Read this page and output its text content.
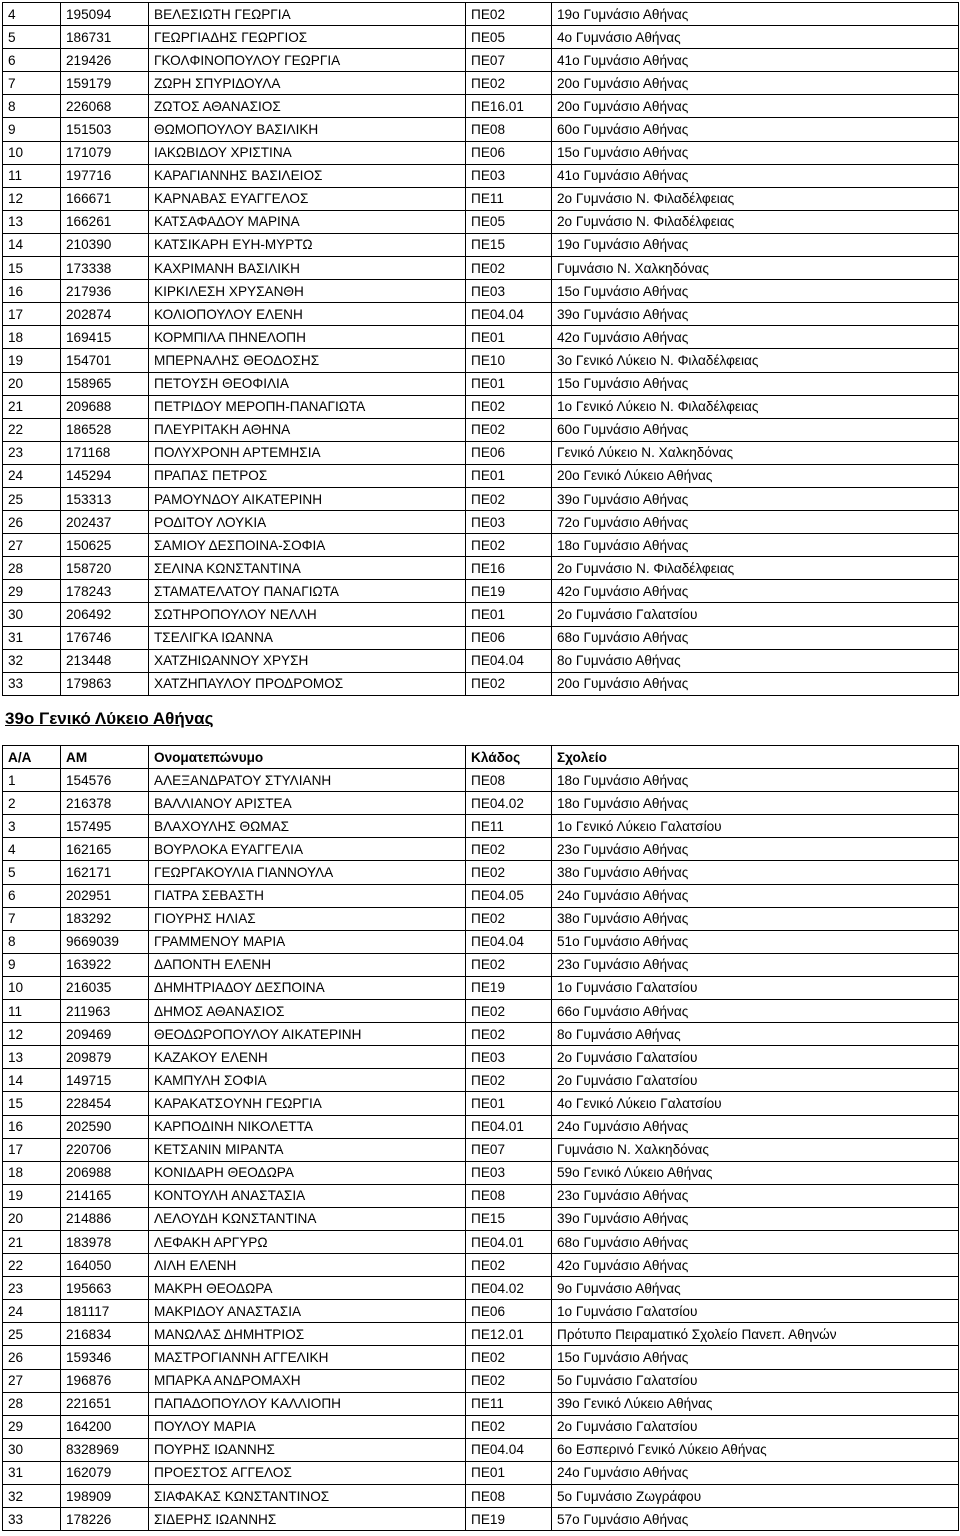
4	195094	ΒΕΛΕΣΙΩΤΗ ΓΕΩΡΓΙΑ	ΠΕ02	19ο Γυμνάσιο Αθήνας
5	186731	ΓΕΩΡΓΙΑΔΗΣ ΓΕΩΡΓΙΟΣ	ΠΕ05	4ο Γυμνάσιο Αθήνας
6	219426	ΓΚΟΛΦΙΝΟΠΟΥΛΟΥ ΓΕΩΡΓΙΑ	ΠΕ07	41ο Γυμνάσιο Αθήνας
7	159179	ΖΩΡΗ ΣΠΥΡΙΔΟΥΛΑ	ΠΕ02	20ο Γυμνάσιο Αθήνας
8	226068	ΖΩΤΟΣ ΑΘΑΝΑΣΙΟΣ	ΠΕ16.01	20ο Γυμνάσιο Αθήνας
9	151503	ΘΩΜΟΠΟΥΛΟΥ ΒΑΣΙΛΙΚΗ	ΠΕ08	60ο Γυμνάσιο Αθήνας
10	171079	ΙΑΚΩΒΙΔΟΥ ΧΡΙΣΤΙΝΑ	ΠΕ06	15ο Γυμνάσιο Αθήνας
11	197716	ΚΑΡΑΓΙΑΝΝΗΣ ΒΑΣΙΛΕΙΟΣ	ΠΕ03	41ο Γυμνάσιο Αθήνας
12	166671	ΚΑΡΝΑΒΑΣ ΕΥΑΓΓΕΛΟΣ	ΠΕ11	2ο Γυμνάσιο Ν. Φιλαδέλφειας
13	166261	ΚΑΤΣΑΦΑΔΟΥ ΜΑΡΙΝΑ	ΠΕ05	2ο Γυμνάσιο Ν. Φιλαδέλφειας
14	210390	ΚΑΤΣΙΚΑΡΗ ΕΥΗ-ΜΥΡΤΩ	ΠΕ15	19ο Γυμνάσιο Αθήνας
15	173338	ΚΑΧΡΙΜΑΝΗ ΒΑΣΙΛΙΚΗ	ΠΕ02	Γυμνάσιο Ν. Χαλκηδόνας
16	217936	ΚΙΡΚΙΛΕΣΗ ΧΡΥΣΑΝΘΗ	ΠΕ03	15ο Γυμνάσιο Αθήνας
17	202874	ΚΟΛΙΟΠΟΥΛΟΥ ΕΛΕΝΗ	ΠΕ04.04	39ο Γυμνάσιο Αθήνας
18	169415	ΚΟΡΜΠΙΛΑ ΠΗΝΕΛΟΠΗ	ΠΕ01	42ο Γυμνάσιο Αθήνας
19	154701	ΜΠΕΡΝΑΛΗΣ ΘΕΟΔΟΣΗΣ	ΠΕ10	3ο Γενικό Λύκειο Ν. Φιλαδέλφειας
20	158965	ΠΕΤΟΥΣΗ ΘΕΟΦΙΛΙΑ	ΠΕ01	15ο Γυμνάσιο Αθήνας
21	209688	ΠΕΤΡΙΔΟΥ ΜΕΡΟΠΗ-ΠΑΝΑΓΙΩΤΑ	ΠΕ02	1ο Γενικό Λύκειο Ν. Φιλαδέλφειας
22	186528	ΠΛΕΥΡΙΤΑΚΗ ΑΘΗΝΑ	ΠΕ02	60ο Γυμνάσιο Αθήνας
23	171168	ΠΟΛΥΧΡΟΝΗ ΑΡΤΕΜΗΣΙΑ	ΠΕ06	Γενικό Λύκειο Ν. Χαλκηδόνας
24	145294	ΠΡΑΠΑΣ ΠΕΤΡΟΣ	ΠΕ01	20ο Γενικό Λύκειο Αθήνας
25	153313	ΡΑΜΟΥΝΔΟΥ ΑΙΚΑΤΕΡΙΝΗ	ΠΕ02	39ο Γυμνάσιο Αθήνας
26	202437	ΡΟΔΙΤΟΥ ΛΟΥΚΙΑ	ΠΕ03	72ο Γυμνάσιο Αθήνας
27	150625	ΣΑΜΙΟΥ ΔΕΣΠΟΙΝΑ-ΣΟΦΙΑ	ΠΕ02	18ο Γυμνάσιο Αθήνας
28	158720	ΣΕΛΙΝΑ ΚΩΝΣΤΑΝΤΙΝΑ	ΠΕ16	2ο Γυμνάσιο Ν. Φιλαδέλφειας
29	178243	ΣΤΑΜΑΤΕΛΑΤΟΥ ΠΑΝΑΓΙΩΤΑ	ΠΕ19	42ο Γυμνάσιο Αθήνας
30	206492	ΣΩΤΗΡΟΠΟΥΛΟΥ ΝΕΛΛΗ	ΠΕ01	2ο Γυμνάσιο Γαλατσίου
31	176746	ΤΣΕΛΙΓΚΑ ΙΩΑΝΝΑ	ΠΕ06	68ο Γυμνάσιο Αθήνας
32	213448	ΧΑΤΖΗΙΩΑΝΝΟΥ ΧΡΥΣΗ	ΠΕ04.04	8ο Γυμνάσιο Αθήνας
33	179863	ΧΑΤΖΗΠΑΥΛΟΥ ΠΡΟΔΡΟΜΟΣ	ΠΕ02	20ο Γυμνάσιο Αθήνας
39ο Γενικό Λύκειο Αθήνας
Α/Α	ΑΜ	Ονοματεπώνυμο	Κλάδος	Σχολείο
1	154576	ΑΛΕΞΑΝΔΡΑΤΟΥ ΣΤΥΛΙΑΝΗ	ΠΕ08	18ο Γυμνάσιο Αθήνας
2	216378	ΒΑΛΛΙΑΝΟΥ ΑΡΙΣΤΕΑ	ΠΕ04.02	18ο Γυμνάσιο Αθήνας
3	157495	ΒΛΑΧΟΥΛΗΣ ΘΩΜΑΣ	ΠΕ11	1ο Γενικό Λύκειο Γαλατσίου
4	162165	ΒΟΥΡΛΟΚΑ ΕΥΑΓΓΕΛΙΑ	ΠΕ02	23ο Γυμνάσιο Αθήνας
5	162171	ΓΕΩΡΓΑΚΟΥΛΙΑ ΓΙΑΝΝΟΥΛΑ	ΠΕ02	38ο Γυμνάσιο Αθήνας
6	202951	ΓΙΑΤΡΑ ΣΕΒΑΣΤΗ	ΠΕ04.05	24ο Γυμνάσιο Αθήνας
7	183292	ΓΙΟΥΡΗΣ ΗΛΙΑΣ	ΠΕ02	38ο Γυμνάσιο Αθήνας
8	9669039	ΓΡΑΜΜΕΝΟΥ ΜΑΡΙΑ	ΠΕ04.04	51ο Γυμνάσιο Αθήνας
9	163922	ΔΑΠΟΝΤΗ ΕΛΕΝΗ	ΠΕ02	23ο Γυμνάσιο Αθήνας
10	216035	ΔΗΜΗΤΡΙΑΔΟΥ ΔΕΣΠΟΙΝΑ	ΠΕ19	1ο Γυμνάσιο Γαλατσίου
11	211963	ΔΗΜΟΣ ΑΘΑΝΑΣΙΟΣ	ΠΕ02	66ο Γυμνάσιο Αθήνας
12	209469	ΘΕΟΔΩΡΟΠΟΥΛΟΥ ΑΙΚΑΤΕΡΙΝΗ	ΠΕ02	8ο Γυμνάσιο Αθήνας
13	209879	ΚΑΖΑΚΟΥ ΕΛΕΝΗ	ΠΕ03	2ο Γυμνάσιο Γαλατσίου
14	149715	ΚΑΜΠΥΛΗ ΣΟΦΙΑ	ΠΕ02	2ο Γυμνάσιο Γαλατσίου
15	228454	ΚΑΡΑΚΑΤΣΟΥΝΗ ΓΕΩΡΓΙΑ	ΠΕ01	4ο Γενικό Λύκειο Γαλατσίου
16	202590	ΚΑΡΠΟΔΙΝΗ ΝΙΚΟΛΕΤΤΑ	ΠΕ04.01	24ο Γυμνάσιο Αθήνας
17	220706	ΚΕΤΣΑΝΙΝ ΜΙΡΑΝΤΑ	ΠΕ07	Γυμνάσιο Ν. Χαλκηδόνας
18	206988	ΚΟΝΙΔΑΡΗ ΘΕΟΔΩΡΑ	ΠΕ03	59ο Γενικό Λύκειο Αθήνας
19	214165	ΚΟΝΤΟΥΛΗ ΑΝΑΣΤΑΣΙΑ	ΠΕ08	23ο Γυμνάσιο Αθήνας
20	214886	ΛΕΛΟΥΔΗ ΚΩΝΣΤΑΝΤΙΝΑ	ΠΕ15	39ο Γυμνάσιο Αθήνας
21	183978	ΛΕΦΑΚΗ ΑΡΓΥΡΩ	ΠΕ04.01	68ο Γυμνάσιο Αθήνας
22	164050	ΛΙΛΗ ΕΛΕΝΗ	ΠΕ02	42ο Γυμνάσιο Αθήνας
23	195663	ΜΑΚΡΗ ΘΕΟΔΩΡΑ	ΠΕ04.02	9ο Γυμνάσιο Αθήνας
24	181117	ΜΑΚΡΙΔΟΥ ΑΝΑΣΤΑΣΙΑ	ΠΕ06	1ο Γυμνάσιο Γαλατσίου
25	216834	ΜΑΝΩΛΑΣ ΔΗΜΗΤΡΙΟΣ	ΠΕ12.01	Πρότυπο Πειραματικό Σχολείο Πανεπ. Αθηνών
26	159346	ΜΑΣΤΡΟΓΙΑΝΝΗ ΑΓΓΕΛΙΚΗ	ΠΕ02	15ο Γυμνάσιο Αθήνας
27	196876	ΜΠΑΡΚΑ ΑΝΔΡΟΜΑΧΗ	ΠΕ02	5ο Γυμνάσιο Γαλατσίου
28	221651	ΠΑΠΑΔΟΠΟΥΛΟΥ ΚΑΛΛΙΟΠΗ	ΠΕ11	39ο Γενικό Λύκειο Αθήνας
29	164200	ΠΟΥΛΟΥ ΜΑΡΙΑ	ΠΕ02	2ο Γυμνάσιο Γαλατσίου
30	8328969	ΠΟΥΡΗΣ ΙΩΑΝΝΗΣ	ΠΕ04.04	6ο Εσπερινό Γενικό Λύκειο Αθήνας
31	162079	ΠΡΟΕΣΤΟΣ ΑΓΓΕΛΟΣ	ΠΕ01	24ο Γυμνάσιο Αθήνας
32	198909	ΣΙΑΦΑΚΑΣ ΚΩΝΣΤΑΝΤΙΝΟΣ	ΠΕ08	5ο Γυμνάσιο Ζωγράφου
33	178226	ΣΙΔΕΡΗΣ ΙΩΑΝΝΗΣ	ΠΕ19	57ο Γυμνάσιο Αθήνας
